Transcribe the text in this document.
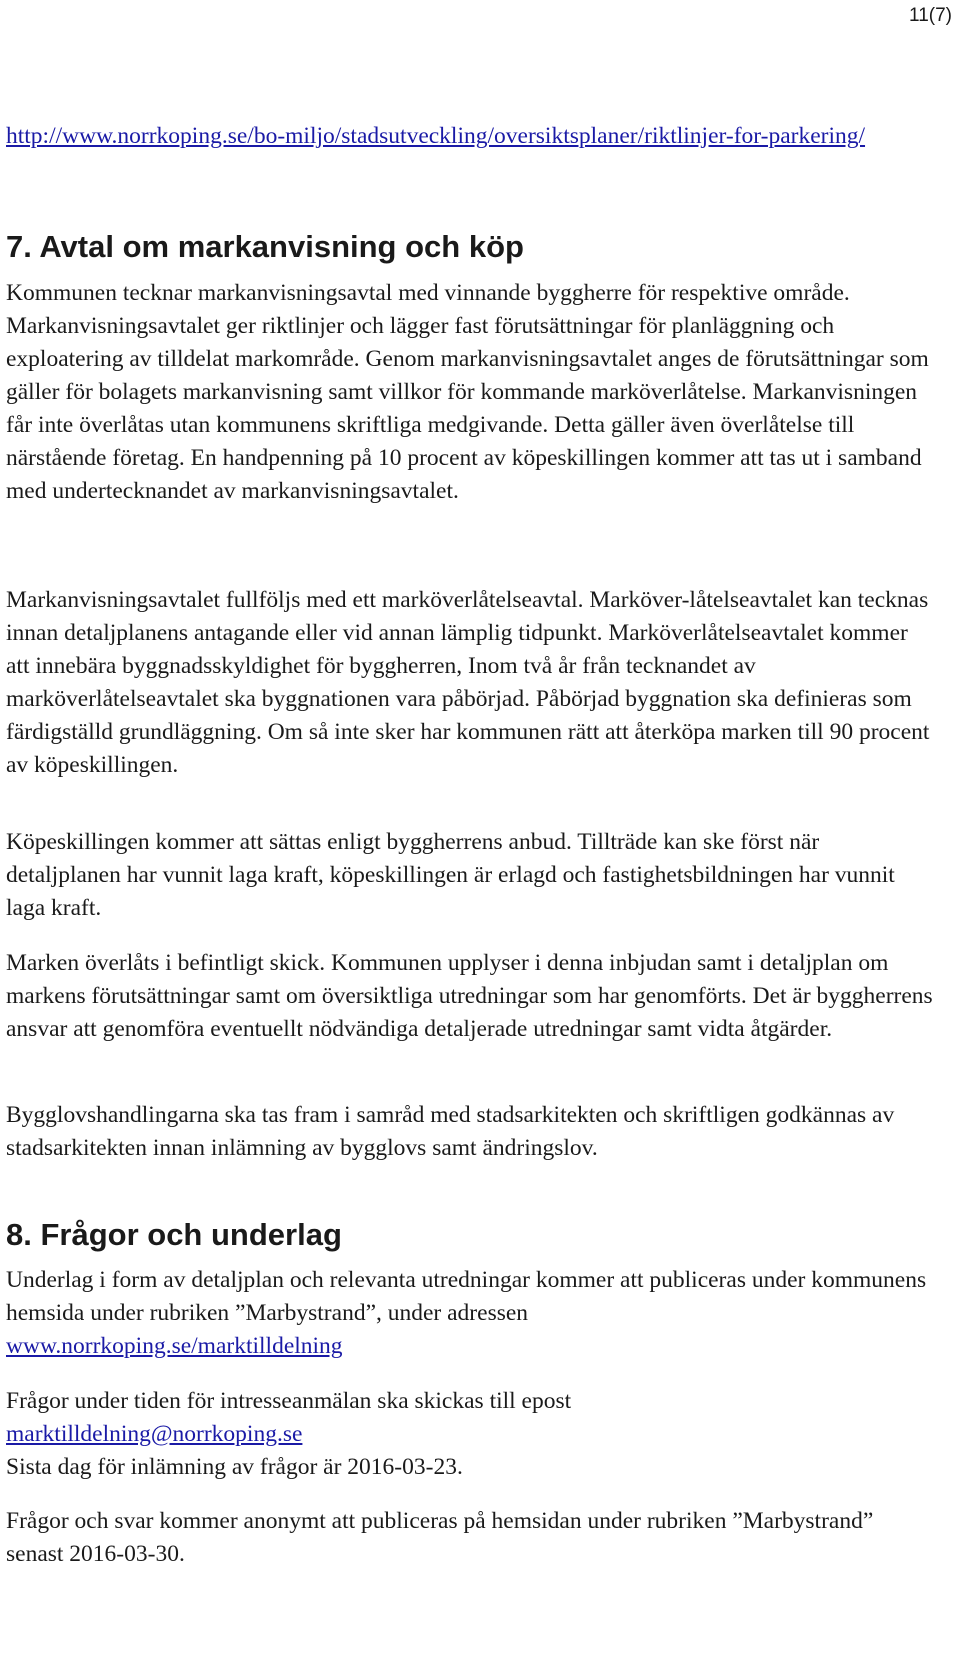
11(7)
http://www.norrkoping.se/bo-miljo/stadsutveckling/oversiktsplaner/riktlinjer-for-parkering/
7. Avtal om markanvisning och köp

Kommunen tecknar markanvisningsavtal med vinnande byggherre för respektive område. Markanvisningsavtalet ger riktlinjer och lägger fast förutsättningar för planläggning och exploatering av tilldelat markområde. Genom markanvisningsavtalet anges de förutsättningar som gäller för bolagets markanvisning samt villkor för kommande marköverlåtelse. Markanvisningen får inte överlåtas utan kommunens skriftliga medgivande. Detta gäller även överlåtelse till närstående företag. En handpenning på 10 procent av köpeskillingen kommer att tas ut i samband med undertecknandet av markanvisningsavtalet.

Markanvisningsavtalet fullföljs med ett marköverlåtelseavtal. Marköver-låtelseavtalet kan tecknas innan detaljplanens antagande eller vid annan lämplig tidpunkt. Marköverlåtelseavtalet kommer att innebära byggnadsskyldighet för byggherren, Inom två år från tecknandet av marköverlåtelseavtalet ska byggnationen vara påbörjad. Påbörjad byggnation ska definieras som färdigställd grundläggning. Om så inte sker har kommunen rätt att återköpa marken till 90 procent av köpeskillingen.

Köpeskillingen kommer att sättas enligt byggherrens anbud. Tillträde kan ske först när detaljplanen har vunnit laga kraft, köpeskillingen är erlagd och fastighetsbildningen har vunnit laga kraft.

Marken överlåts i befintligt skick. Kommunen upplyser i denna inbjudan samt i detaljplan om markens förutsättningar samt om översiktliga utredningar som har genomförts. Det är byggherrens ansvar att genomföra eventuellt nödvändiga detaljerade utredningar samt vidta åtgärder.

Bygglovshandlingarna ska tas fram i samråd med stadsarkitekten och skriftligen godkännas av stadsarkitekten innan inlämning av bygglovs samt ändringslov.

8. Frågor och underlag

Underlag i form av detaljplan och relevanta utredningar kommer att publiceras under kommunens hemsida under rubriken ”Marbystrand”, under adressen
www.norrkoping.se/marktilldelning

Frågor under tiden för intresseanmälan ska skickas till epost
marktilldelning@norrkoping.se
Sista dag för inlämning av frågor är 2016-03-23.

Frågor och svar kommer anonymt att publiceras på hemsidan under rubriken ”Marbystrand” senast 2016-03-30.
